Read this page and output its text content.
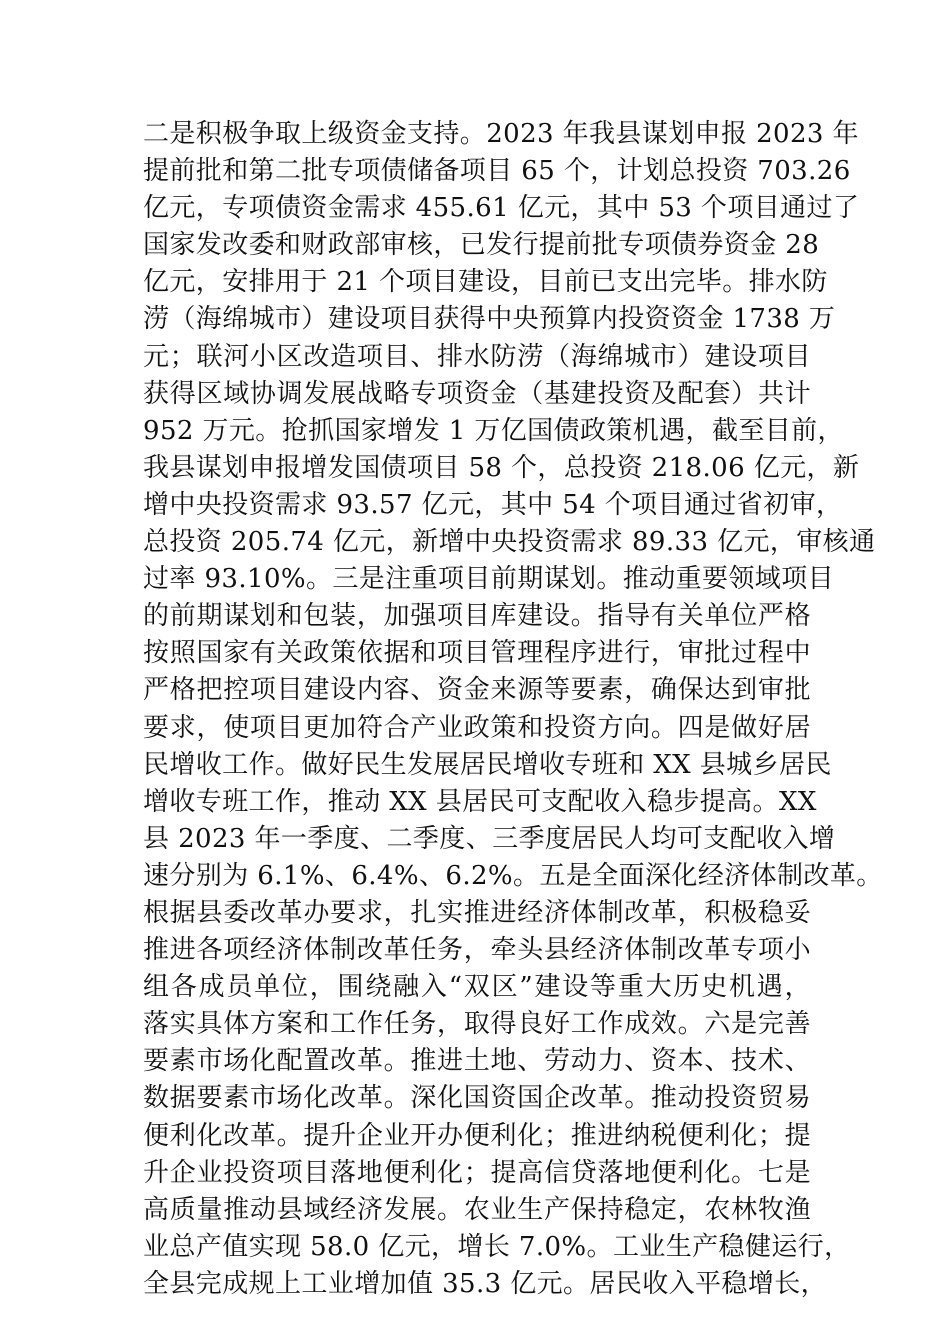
二是积极争取上级资金支持。2023 年我县谋划申报 2023 年
提前批和第二批专项债储备项目 65 个，计划总投资 703.26
亿元，专项债资金需求 455.61 亿元，其中 53 个项目通过了
国家发改委和财政部审核，已发行提前批专项债券资金 28
亿元，安排用于 21 个项目建设，目前已支出完毕。排水防
涝（海绵城市）建设项目获得中央预算内投资资金 1738 万
元；联河小区改造项目、排水防涝（海绵城市）建设项目
获得区域协调发展战略专项资金（基建投资及配套）共计
952 万元。抢抓国家增发 1 万亿国债政策机遇，截至目前，
我县谋划申报增发国债项目 58 个，总投资 218.06 亿元，新
增中央投资需求 93.57 亿元，其中 54 个项目通过省初审，
总投资 205.74 亿元，新增中央投资需求 89.33 亿元，审核通
过率 93.10%。三是注重项目前期谋划。推动重要领域项目
的前期谋划和包装，加强项目库建设。指导有关单位严格
按照国家有关政策依据和项目管理程序进行，审批过程中
严格把控项目建设内容、资金来源等要素，确保达到审批
要求，使项目更加符合产业政策和投资方向。四是做好居
民增收工作。做好民生发展居民增收专班和 XX 县城乡居民
增收专班工作，推动 XX 县居民可支配收入稳步提高。XX
县 2023 年一季度、二季度、三季度居民人均可支配收入增
速分别为 6.1%、6.4%、6.2%。五是全面深化经济体制改革。
根据县委改革办要求，扎实推进经济体制改革，积极稳妥
推进各项经济体制改革任务，牵头县经济体制改革专项小
组各成员单位，围绕融入“双区”建设等重大历史机遇，
落实具体方案和工作任务，取得良好工作成效。六是完善
要素市场化配置改革。推进土地、劳动力、资本、技术、
数据要素市场化改革。深化国资国企改革。推动投资贸易
便利化改革。提升企业开办便利化；推进纳税便利化；提
升企业投资项目落地便利化；提高信贷落地便利化。七是
高质量推动县域经济发展。农业生产保持稳定，农林牧渔
业总产值实现 58.0 亿元，增长 7.0%。工业生产稳健运行，
全县完成规上工业增加值 35.3 亿元。居民收入平稳增长，
